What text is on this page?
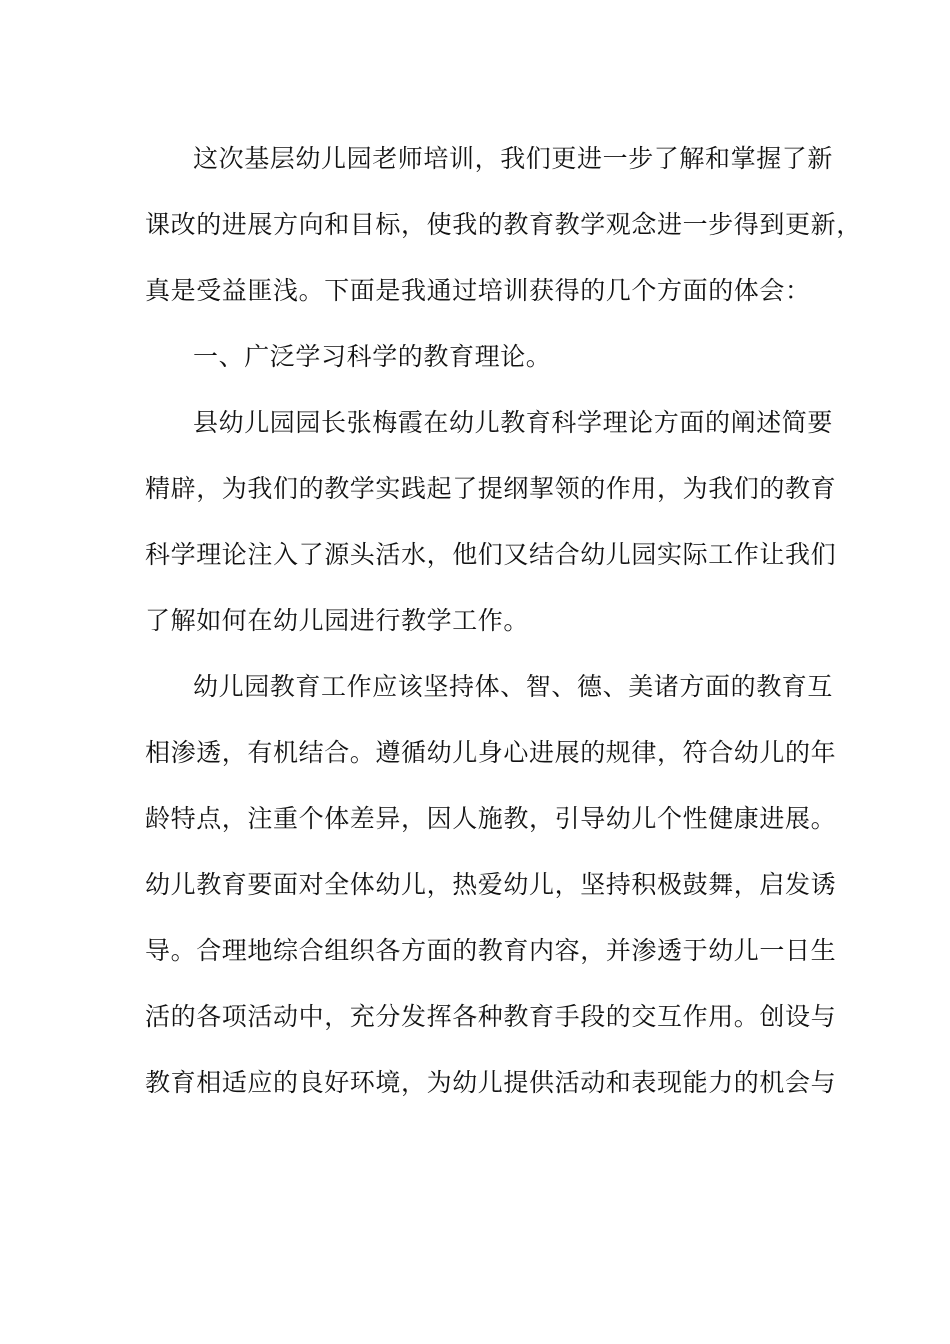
这次基层幼儿园老师培训，我们更进一步了解和掌握了新
课改的进展方向和目标，使我的教育教学观念进一步得到更新，
真是受益匪浅。下面是我通过培训获得的几个方面的体会：
一、广泛学习科学的教育理论。
县幼儿园园长张梅霞在幼儿教育科学理论方面的阐述简要
精辟，为我们的教学实践起了提纲挈领的作用，为我们的教育
科学理论注入了源头活水，他们又结合幼儿园实际工作让我们
了解如何在幼儿园进行教学工作。
幼儿园教育工作应该坚持体、智、德、美诸方面的教育互
相渗透，有机结合。遵循幼儿身心进展的规律，符合幼儿的年
龄特点，注重个体差异，因人施教，引导幼儿个性健康进展。
幼儿教育要面对全体幼儿，热爱幼儿，坚持积极鼓舞，启发诱
导。合理地综合组织各方面的教育内容，并渗透于幼儿一日生
活的各项活动中，充分发挥各种教育手段的交互作用。创设与
教育相适应的良好环境，为幼儿提供活动和表现能力的机会与
